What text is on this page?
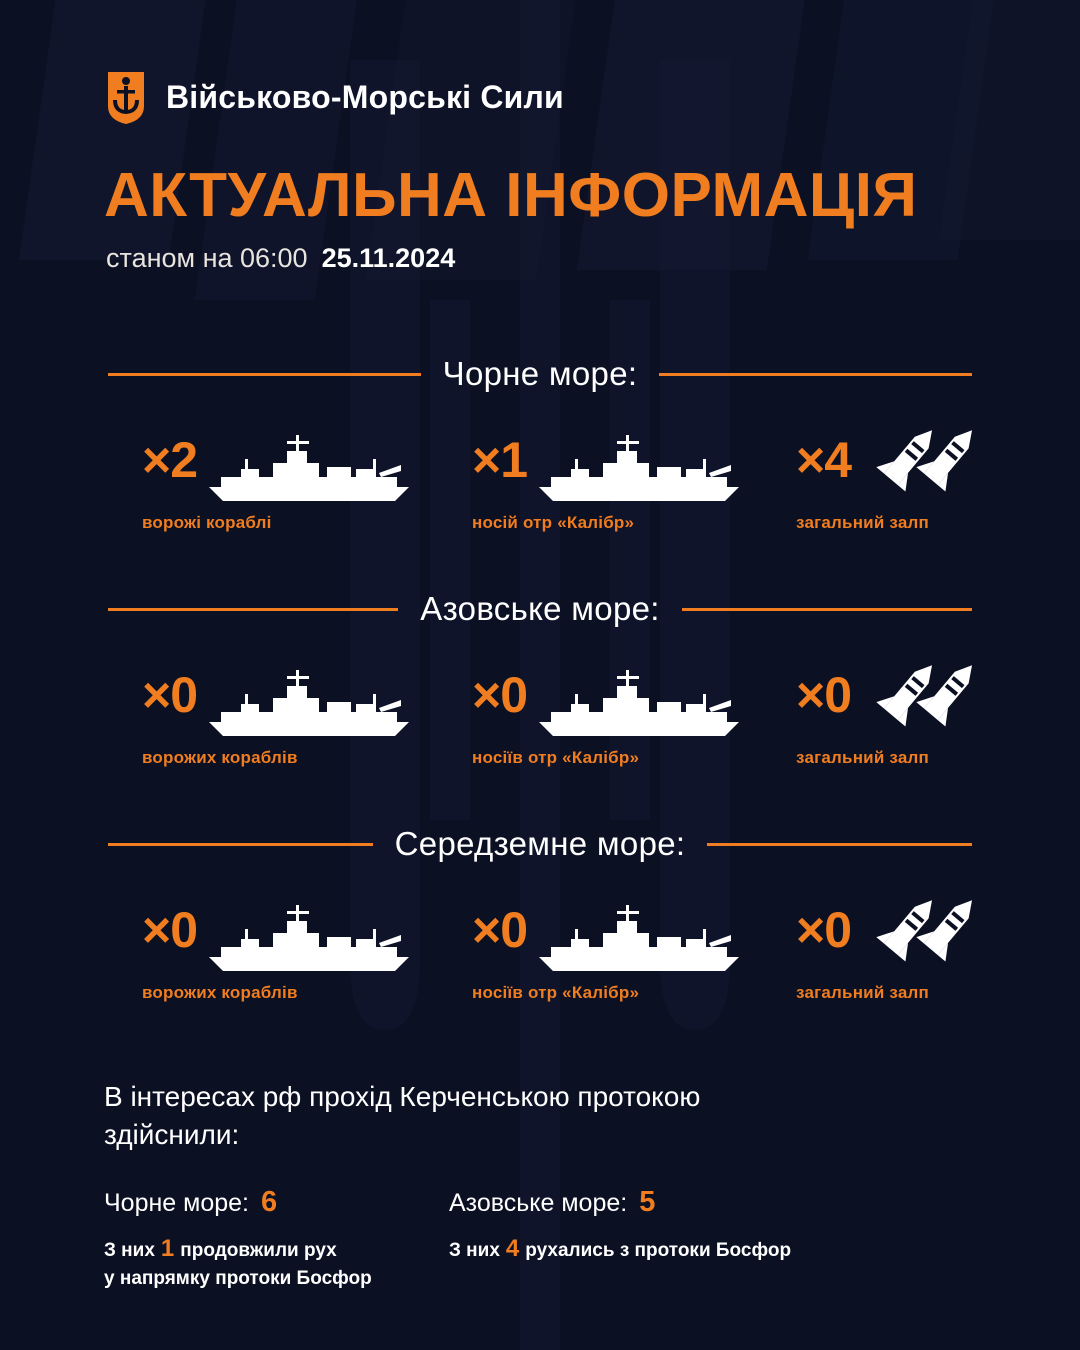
Військово-Морські Сили
АКТУАЛЬНА ІНФОРМАЦІЯ
станом на 06:00 25.11.2024
Чорне море:
×2
ворожі кораблі
×1
носій отр «Калібр»
×4
загальний залп
Азовське море:
×0
ворожих кораблів
×0
носіїв отр «Калібр»
×0
загальний залп
Середземне море:
×0
ворожих кораблів
×0
носіїв отр «Калібр»
×0
загальний залп
В інтересах рф прохід Керченською протокою здійснили:
Чорне море: 6
З них 1 продовжили рух
у напрямку протоки Босфор
Азовське море: 5
З них 4 рухались з протоки Босфор
